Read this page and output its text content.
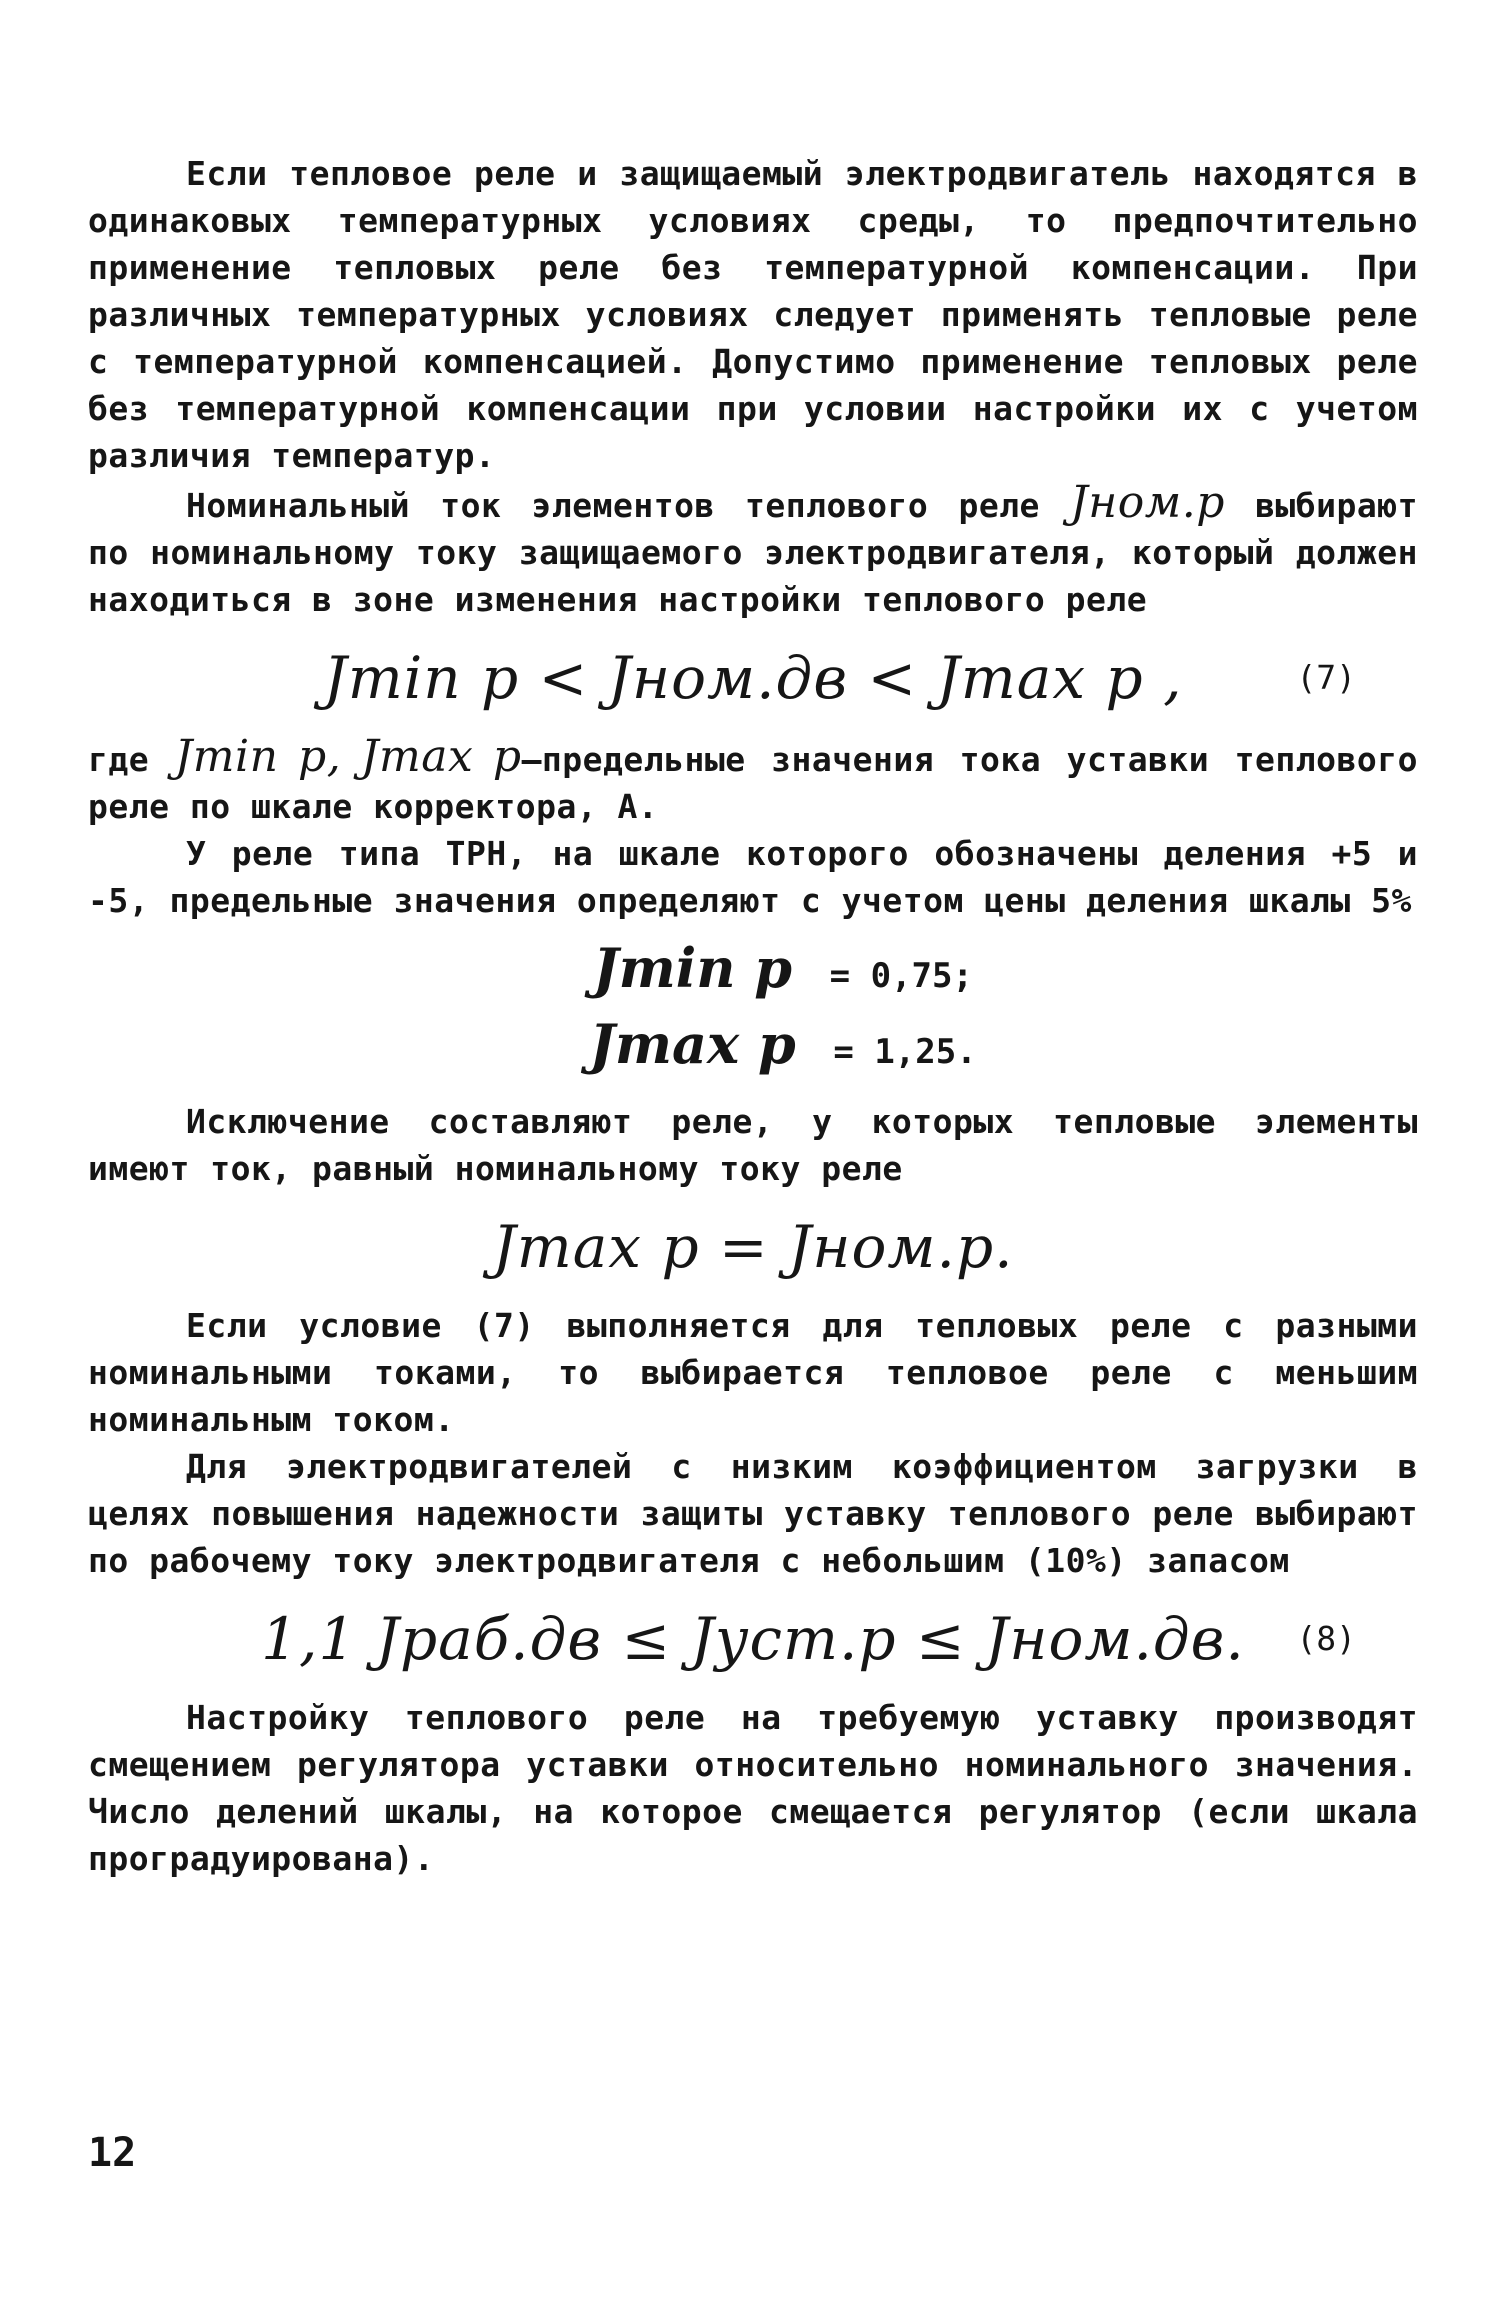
Если тепловое реле и защищаемый электродвигатель находятся в одинаковых температурных условиях среды, то предпочтительно применение тепловых реле без температурной компенсации. При различных температурных условиях следует применять тепловые реле с температурной компенсацией. Допустимо применение тепловых реле без температурной компенсации при условии настройки их с учетом различия температур.

Номинальный ток элементов теплового реле Jном.р выбирают по номинальному току защищаемого электродвигателя, который должен находиться в зоне изменения настройки теплового реле

Jmin р < Jном.дв < Jmax р ,	(7)

где Jmin р, Jmax р–предельные значения тока уставки теплового реле по шкале корректора, А.

У реле типа ТРН, на шкале которого обозначены деления +5 и -5, предельные значения определяют с учетом цены деления шкалы 5%

Jmin р = 0,75;
Jmax р = 1,25.

Исключение составляют реле, у которых тепловые элементы имеют ток, равный номинальному току реле

Jmax р = Jном.р.

Если условие (7) выполняется для тепловых реле с разными номинальными токами, то выбирается тепловое реле с меньшим номинальным током.

Для электродвигателей с низким коэффициентом загрузки в целях повышения надежности защиты уставку теплового реле выбирают по рабочему току электродвигателя с небольшим (10%) запасом

1,1 Jраб.дв ≤ Jуст.р ≤ Jном.дв.	(8)

Настройку теплового реле на требуемую уставку производят смещением регулятора уставки относительно номинального значения. Число делений шкалы, на которое смещается регулятор (если шкала проградуирована).

12
